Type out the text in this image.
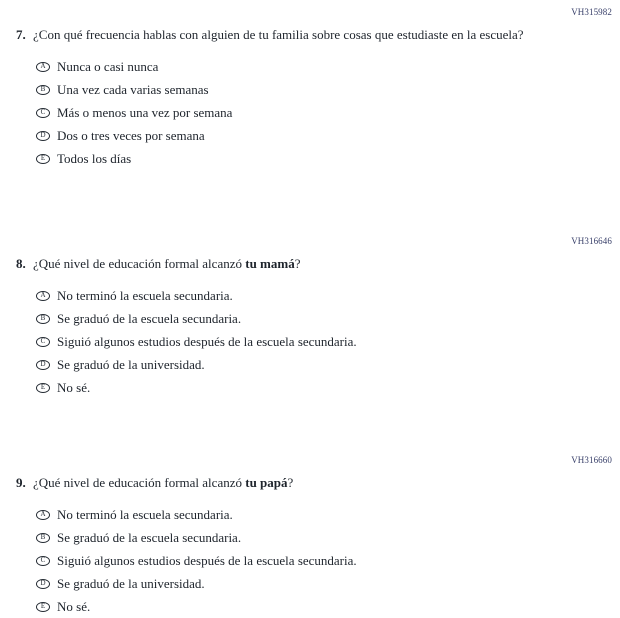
VH315982
7. ¿Con qué frecuencia hablas con alguien de tu familia sobre cosas que estudiaste en la escuela?

A Nunca o casi nunca
B Una vez cada varias semanas
C Más o menos una vez por semana
D Dos o tres veces por semana
E Todos los días
VH316646
8. ¿Qué nivel de educación formal alcanzó tu mamá?

A No terminó la escuela secundaria.
B Se graduó de la escuela secundaria.
C Siguió algunos estudios después de la escuela secundaria.
D Se graduó de la universidad.
E No sé.
VH316660
9. ¿Qué nivel de educación formal alcanzó tu papá?

A No terminó la escuela secundaria.
B Se graduó de la escuela secundaria.
C Siguió algunos estudios después de la escuela secundaria.
D Se graduó de la universidad.
E No sé.
